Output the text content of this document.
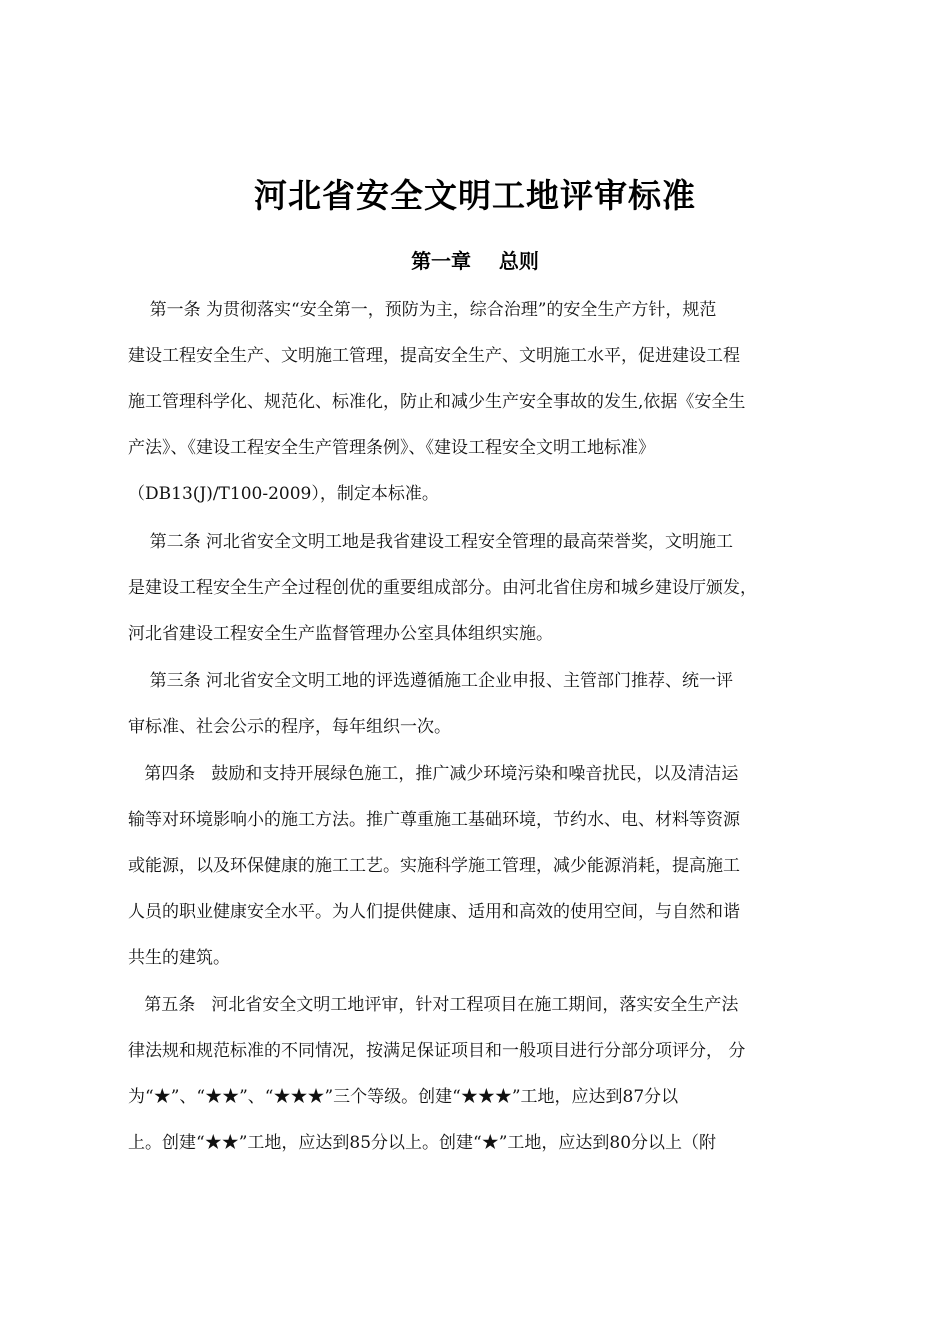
河北省安全文明工地评审标准
第一章    总则
第一条 为贯彻落实“安全第一，预防为主，综合治理”的安全生产方针，规范
建设工程安全生产、文明施工管理，提高安全生产、文明施工水平，促进建设工程
施工管理科学化、规范化、标准化，防止和减少生产安全事故的发生,依据《安全生
产法》、《建设工程安全生产管理条例》、《建设工程安全文明工地标准》
（DB13(J)/T100-2009），制定本标准。
第二条 河北省安全文明工地是我省建设工程安全管理的最高荣誉奖，文明施工
是建设工程安全生产全过程创优的重要组成部分。由河北省住房和城乡建设厅颁发，
河北省建设工程安全生产监督管理办公室具体组织实施。
第三条 河北省安全文明工地的评选遵循施工企业申报、主管部门推荐、统一评
审标准、社会公示的程序，每年组织一次。
第四条   鼓励和支持开展绿色施工，推广减少环境污染和噪音扰民，以及清洁运
输等对环境影响小的施工方法。推广尊重施工基础环境，节约水、电、材料等资源
或能源，以及环保健康的施工工艺。实施科学施工管理，减少能源消耗，提高施工
人员的职业健康安全水平。为人们提供健康、适用和高效的使用空间，与自然和谐
共生的建筑。
第五条   河北省安全文明工地评审，针对工程项目在施工期间，落实安全生产法
律法规和规范标准的不同情况，按满足保证项目和一般项目进行分部分项评分， 分
为“★”、“★★”、“★★★”三个等级。创建“★★★”工地，应达到87分以
上。创建“★★”工地，应达到85分以上。创建“★”工地，应达到80分以上（附
